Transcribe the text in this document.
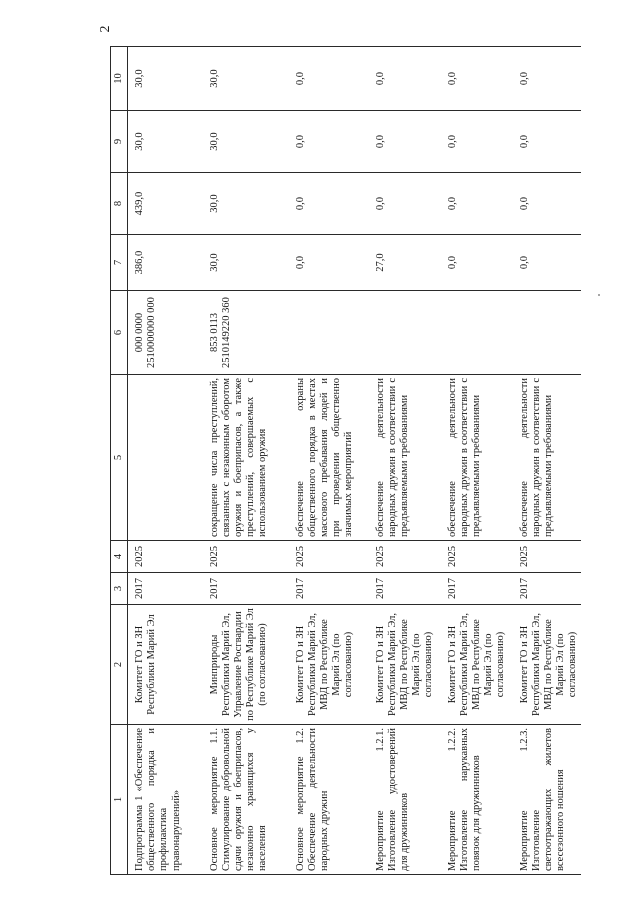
2
1	2	3	4	5	6	7	8	9	10
Подпрограмма 1 «Обеспечение общественного порядка и профилактика правонарушений»	Комитет ГО и ЗН Республики Марий Эл	2017	2025		000 0000 2510000000 000	386,0	439,0	30,0	30,0
Основное мероприятие 1.1. Стимулирование добровольной сдачи оружия и боеприпасов, незаконно хранящихся у населения	Минприроды Республики Марий Эл, Управление Росгвардии по Республике Марий Эл (по согласованию)	2017	2025	сокращение числа преступлений, связанных с незаконным оборотом оружия и боеприпасов, а также преступлений, совершаемых с использованием оружия	853 0113 2510149220 360	30,0	30,0	30,0	30,0
Основное мероприятие 1.2. Обеспечение деятельности народных дружин	Комитет ГО и ЗН Республики Марий Эл, МВД по Республике Марий Эл (по согласованию)	2017	2025	обеспечение охраны общественного порядка в местах массового пребывания людей и при проведении общественно значимых мероприятий		0,0	0,0	0,0	0,0
Мероприятие 1.2.1. Изготовление удостоверений для дружинников	Комитет ГО и ЗН Республики Марий Эл, МВД по Республике Марий Эл (по согласованию)	2017	2025	обеспечение деятельности народных дружин в соответствии с предъявляемыми требованиями		27,0	0,0	0,0	0,0
Мероприятие 1.2.2. Изготовление нарукавных повязок для дружинников	Комитет ГО и ЗН Республики Марий Эл, МВД по Республике Марий Эл (по согласованию)	2017	2025	обеспечение деятельности народных дружин в соответствии с предъявляемыми требованиями		0,0	0,0	0,0	0,0
Мероприятие 1.2.3. Изготовление светоотражающих жилетов всесезонного ношения	Комитет ГО и ЗН Республики Марий Эл, МВД по Республике Марий Эл (по согласованию)	2017	2025	обеспечение деятельности народных дружин в соответствии с предъявляемыми требованиями		0,0	0,0	0,0	0,0
